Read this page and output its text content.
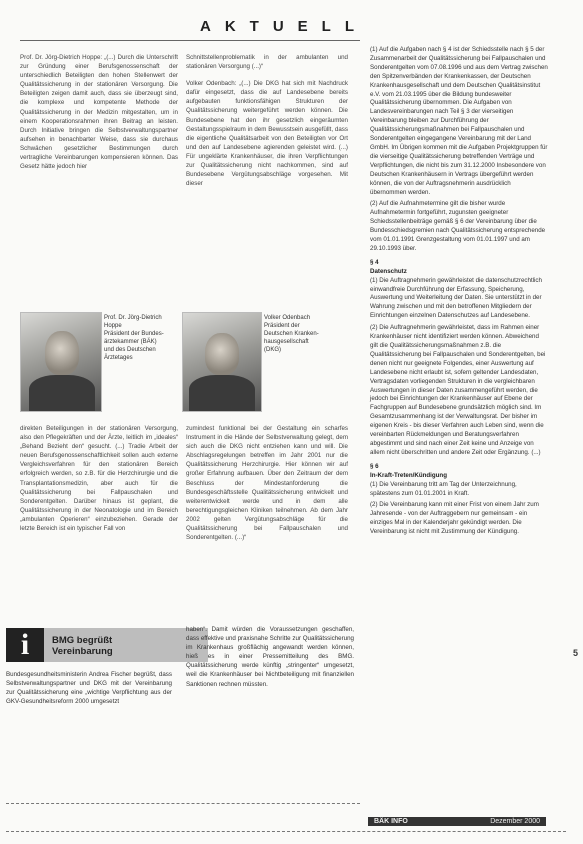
AKTUELL

Prof. Dr. Jörg-Dietrich Hoppe: „(...) Durch die Unterschrift zur Gründung einer Berufsgenossenschaft der unterschiedlich Beteiligten den hohen Stellenwert der Qualitätssicherung in der stationären Versorgung. Die Beteiligten zeigen damit auch, dass sie überzeugt sind, die komplexe und kompetente Methode der Qualitätssicherung in der Medizin mitgestalten, um in einem Kooperationsrahmen ihren Beitrag an leisten. Durch Initiative bringen die Selbstverwaltungspartner aufsehen in benachbarter Weise, dass sie durchaus Schwächen gesetzlicher Bestimmungen durch vertragliche Vereinbarungen kompensieren können. Das Gesetz hätte jedoch hier

Schnittstellenproblematik in der ambulanten und stationären Versorgung (...)“

Volker Odenbach: „(...) Die DKG hat sich mit Nachdruck dafür eingesetzt, dass die auf Landesebene bereits aufgebauten funktionsfähigen Strukturen der Qualitätssicherung weitergeführt werden können. Die Bundesebene hat den ihr gesetzlich eingeräumten Gestaltungsspielraum in dem Bewusstsein ausgefüllt, dass die eigentliche Qualitätsarbeit von den Beteiligten vor Ort und den auf Landesebene agierenden geleistet wird. (...) Für ungeklärte Krankenhäuser, die ihren Verpflichtungen zur Qualitätssicherung nicht nachkommen, sind auf Bundesebene Vergütungsabschläge vorgesehen. Mit dieser

Prof. Dr. Jörg-Dietrich
Hoppe
Präsident der Bundes-
ärztekammer (BÄK)
und des Deutschen
Ärztetages
Volker Odenbach
Präsident der
Deutschen Kranken-
hausgesellschaft
(DKG)

direkten Beteiligungen in der stationären Versorgung, also den Pflegekräften und der Ärzte, leitlich im „ideales“ „Behand Bezieht den“ gesucht. (...) Tradie Arbeit der neuen Berufsgenossenschaftlichkeit sollen auch externe Vergleichsverfahren für den stationären Bereich erfolgreich werden, so z.B. für die Herzchirurgie und die Transplantationsmedizin, aber auch für die Qualitätssicherung bei Fallpauschalen und Sonderentgelten. Darüber hinaus ist geplant, die Qualitätssicherung in der Neonatologie und im Bereich „ambulanten Operieren“ einzubeziehen. Gerade der letzte Bereich ist ein typischer Fall von

zumindest funktional bei der Gestaltung ein scharfes Instrument in die Hände der Selbstverwaltung gelegt, dem sich auch die DKG nicht entziehen kann und will. Die Abschlagsregelungen betreffen im Jahr 2001 nur die Qualitätssicherung Herzchirurgie. Hier können wir auf großer Erfahrung aufbauen. Über den Zeitraum der dem Beschluss der Mindestanforderung die Bundesgeschäftsstelle Qualitätssicherung entwickelt und weiterentwickelt werde und in dem alle berechtigungsgleichen Kliniken teilnehmen. Ab dem Jahr 2002 gelten Vergütungsabschläge für die Qualitätssicherung bei Fallpauschalen und Sonderentgelten. (...)“

i	BMG begrüßt
Vereinbarung

Bundesgesundheitsministerin Andrea Fischer begrüßt, dass Selbstverwaltungspartner und DKG mit der Vereinbarung zur Qualitätssicherung eine „wichtige Verpflichtung aus der GKV-Gesundheitsreform 2000 umgesetzt

haben“. Damit würden die Voraussetzungen geschaffen, dass effektive und praxisnahe Schritte zur Qualitätssicherung im Krankenhaus großflächig angewandt werden können, hieß es in einer Pressemitteilung des BMG. Qualitätssicherung werde künftig „stringenter“ umgesetzt, weil die Krankenhäuser bei Nichtbeteiligung mit finanziellen Sanktionen rechnen müssten.

(1) Auf die Aufgaben nach § 4 ist der Schiedsstelle nach § 5 der Zusammenarbeit der Qualitätssicherung bei Fallpauschalen und Sonderentgelten vom 07.08.1996 und aus dem Vertrag zwischen den Spitzenverbänden der Krankenkassen, der Deutschen Krankenhausgesellschaft und dem Deutschen Qualitätsinstitut e.V. vom 21.03.1995 über die Bildung bundesweiter Qualitätssicherung übernommen. Die Aufgaben von Landesvereinbarungen nach Teil § 3 der vierseitigen Vereinbarung bleiben zur Durchführung der Qualitätssicherungsmaßnahmen bei Fallpauschalen und Sonderentgelten eingegangene Vereinbarung mit der Land GmbH. Im Übrigen kommen mit die Aufgaben Projektgruppen für die vierseitige Qualitätssicherung betreffenden Verträge und Verpflichtungen, die nicht bis zum 31.12.2000 Insbesondere von Deutschen Krankenhäusern in Vertrags übergeführt werden können, die von der Auftragsnehmerin ausdrücklich übernommen werden.

(2) Auf die Aufnahmetermine gilt die bisher wurde Aufnahmetermin fortgeführt, zugunsten geeigneter Schiedsstellenbeiträge gemäß § 6 der Vereinbarung über die Bundesschiedsgremien nach Qualitätssicherung entsprechende vom 01.01.1991 Grenzgestaltung vom 01.01.1997 und am 29.10.1993 über.

§ 4
Datenschutz

(1) Die Auftragnehmerin gewährleistet die datenschutzrechtlich einwandfreie Durchführung der Erfassung, Speicherung, Auswertung und Weiterleitung der Daten. Sie unterstützt in der Wahrung zwischen und mit den betroffenen Mitgliedern der Einrichtungen einzelnen Datenschutzes auf Landesebene.

(2) Die Auftragnehmerin gewährleistet, dass im Rahmen einer Krankenhäuser nicht identifiziert werden können. Abweichend gilt die Qualitätssicherungsmaßnahmen z.B. die Qualitätssicherung bei Fallpauschalen und Sonderentgelten, bei denen nicht nur geeignete Folgendes, einer Auswertung auf Landesebene nicht erlaubt ist, sofern geltender Landesdaten, Vertragsdaten vorliegenden Strukturen in die vergleichbaren Auswertungen in dieser Daten zusammengeführt werden, die jedoch bei Einrichtungen der Krankenhäuser auf Ebene der Fachgruppen auf Bundesebene grundsätzlich möglich sind. Im Gesamtzusammenhang ist der Verwaltungsrat. Der bisher im eigenen Kreis - bis dieser Verfahren auch Leben sind, wenn die vereinbarten Rückmeldungen und Beratungsverfahren abgestimmt und sind nach einer Zeit keine und Anzeige von allem nicht überschritten und andere Zeit oder Ergänzung. (...)

§ 6
In-Kraft-Treten/Kündigung

(1) Die Vereinbarung tritt am Tag der Unterzeichnung, spätestens zum 01.01.2001 in Kraft.

(2) Die Vereinbarung kann mit einer Frist von einem Jahr zum Jahresende - von der Auftraggebern nur gemeinsam - ein einziges Mal in der Kalenderjahr gekündigt werden. Die Vereinbarung ist nicht mit Zustimmung der Kündigung.

5
BÄK INFO	Dezember 2000
